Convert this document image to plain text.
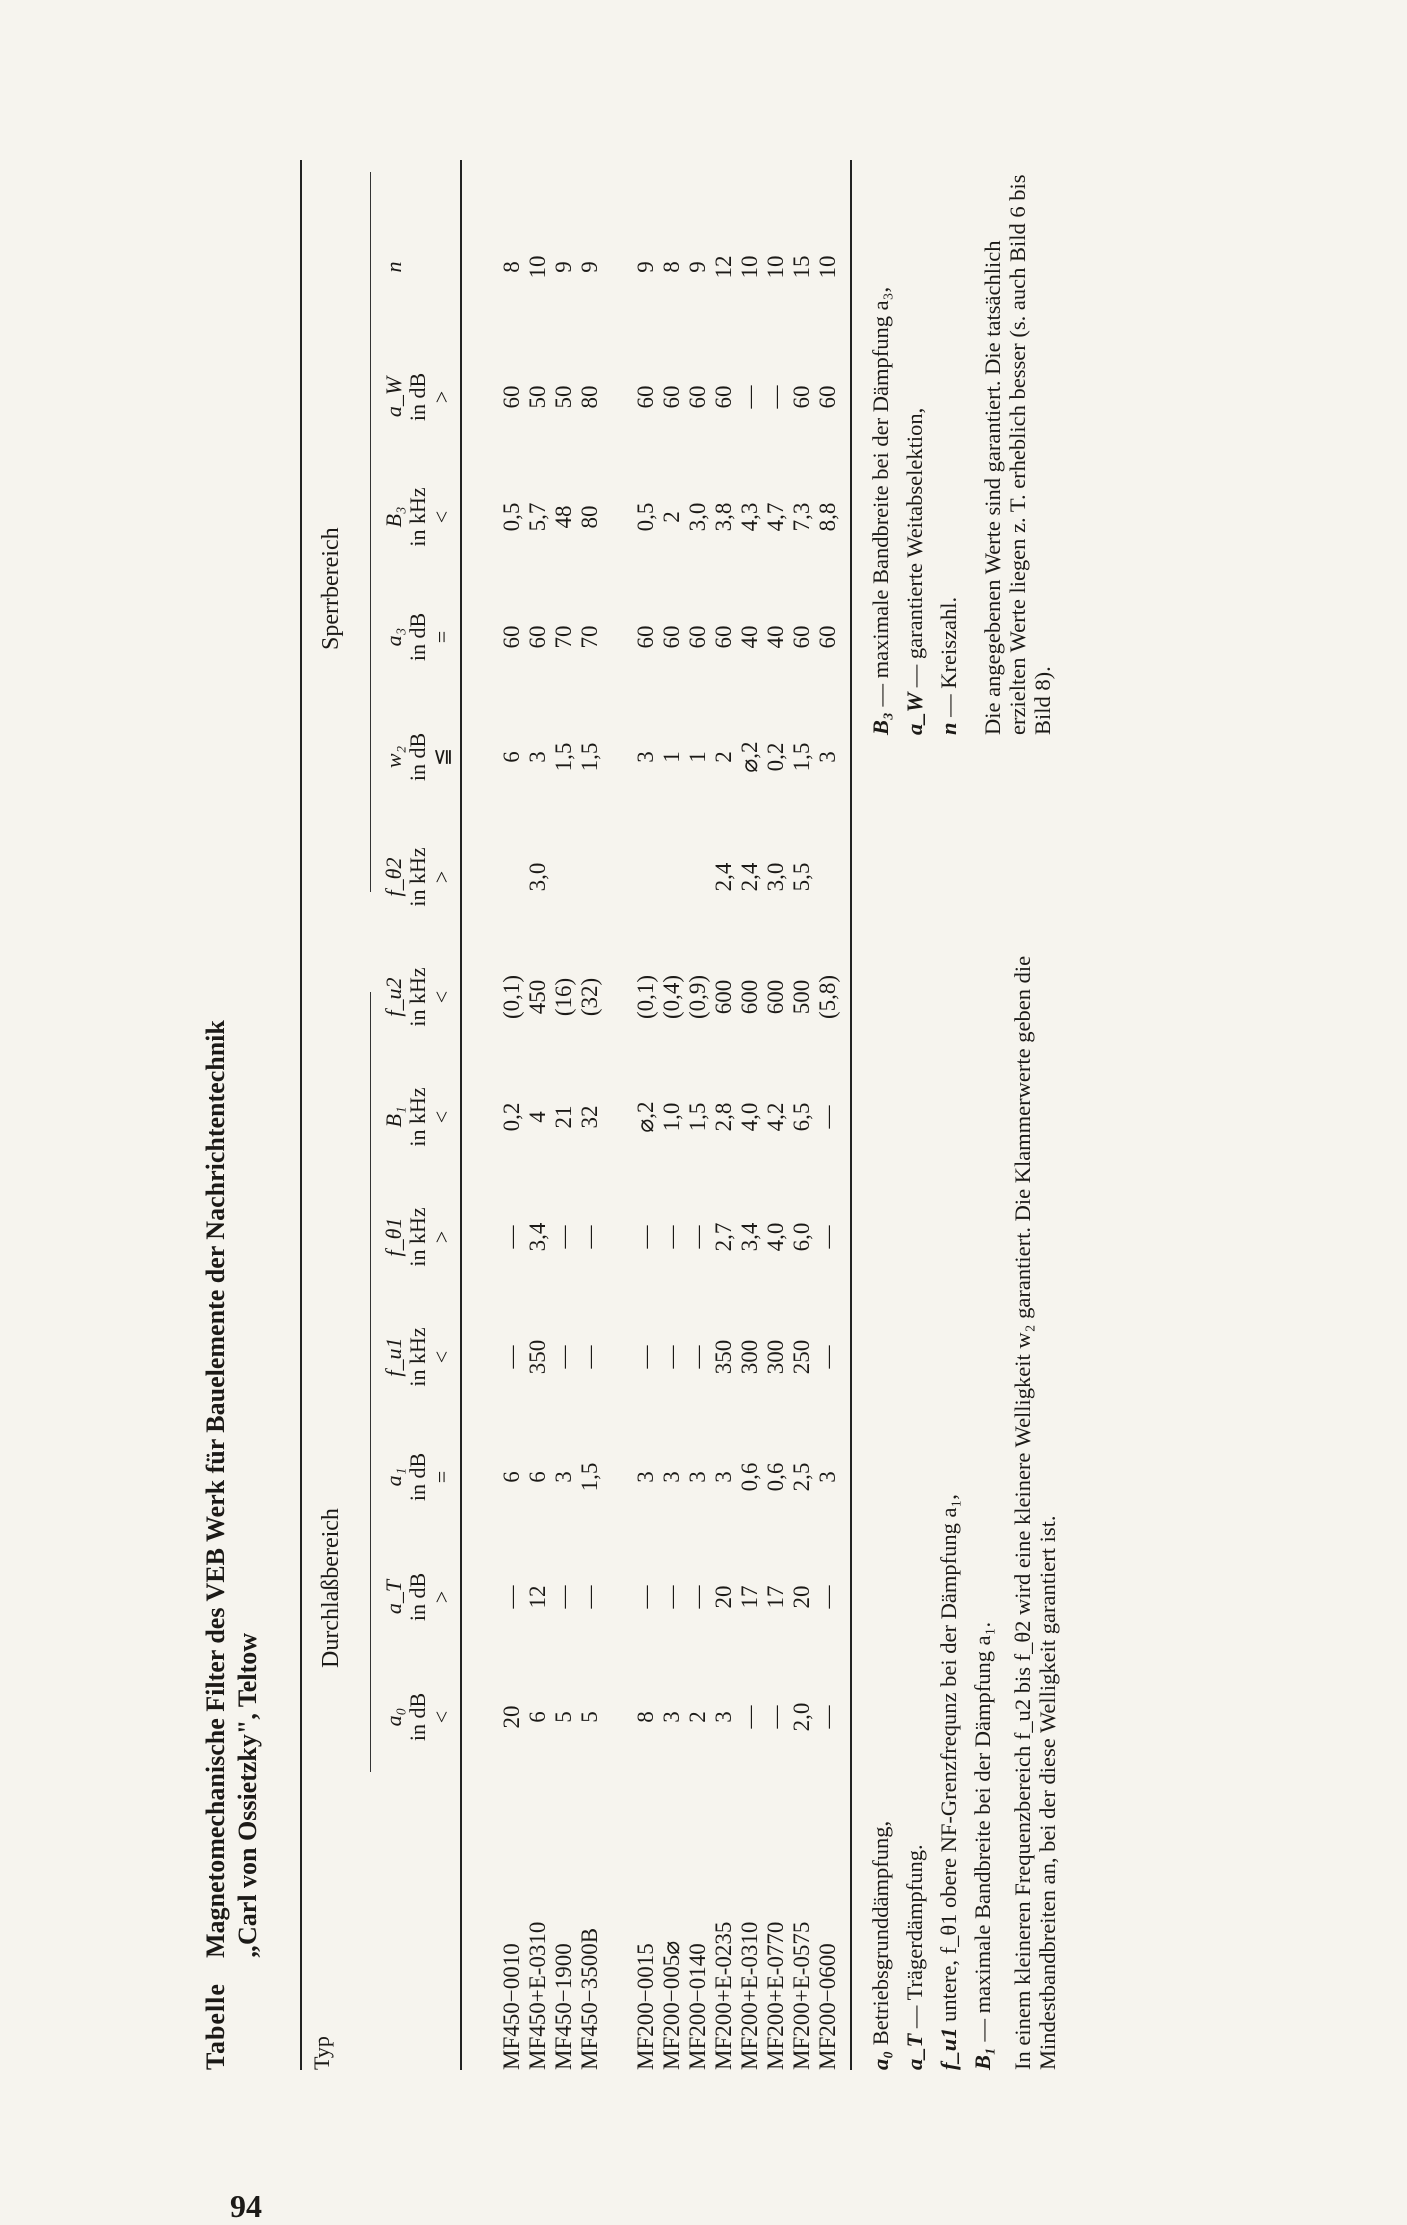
94
TabelleMagnetomechanische Filter des VEB Werk für Bauelemente der Nachrichtentechnik „Carl von Ossietzky", Teltow
Typ
Durchlaßbereich
Sperrbereich
a₀ in dB <
a_T in dB >
a₁ in dB =
f_u1 in kHz <
f_θ1 in kHz >
B₁ in kHz <
f_u2 in kHz <
f_θ2 in kHz >
w₂ in dB ≦
a₃ in dB =
B₃ in kHz <
a_W in dB >
n
MF450−0010
20
—
6
—
—
0,2
(0,1)
6
60
0,5
60
8
MF450+E-0310
6
12
6
350
3,4
4
450
3,0
3
60
5,7
50
10
MF450−1900
5
—
3
—
—
21
(16)
1,5
70
48
50
9
MF450−3500B
5
—
1,5
—
—
32
(32)
1,5
70
80
80
9
MF200−0015
8
—
3
—
—
⌀,2
(0,1)
3
60
0,5
60
9
MF200−005⌀
3
—
3
—
—
1,0
(0,4)
1
60
2
60
8
MF200−0140
2
—
3
—
—
1,5
(0,9)
1
60
3,0
60
9
MF200+E-0235
3
20
3
350
2,7
2,8
600
2,4
2
60
3,8
60
12
MF200+E-0310
—
17
0,6
300
3,4
4,0
600
2,4
⌀,2
40
4,3
—
10
MF200+E-0770
—
17
0,6
300
4,0
4,2
600
3,0
0,2
40
4,7
—
10
MF200+E-0575
2,0
20
2,5
250
6,0
6,5
500
5,5
1,5
60
7,3
60
15
MF200−0600
—
—
3
—
—
—
(5,8)
3
60
8,8
60
10
a₀ Betriebsgrunddämpfung,
a_T — Trägerdämpfung.
f_u1 untere, f_θ1 obere NF-Grenzfrequnz bei der Dämpfung a₁,
B₁ — maximale Bandbreite bei der Dämpfung a₁. In einem kleineren Frequenzbereich f_u2 bis f_θ2 wird eine kleinere Welligkeit w₂ garantiert. Die Klammerwerte geben die Mindestbandbreiten an, bei der diese Welligkeit garantiert ist.
B₃ — maximale Bandbreite bei der Dämpfung a₃,
a_W — garantierte Weitabselektion,
n — Kreiszahl. Die angegebenen Werte sind garantiert. Die tatsächlich erzielten Werte liegen z. T. erheblich besser (s. auch Bild 6 bis Bild 8).
